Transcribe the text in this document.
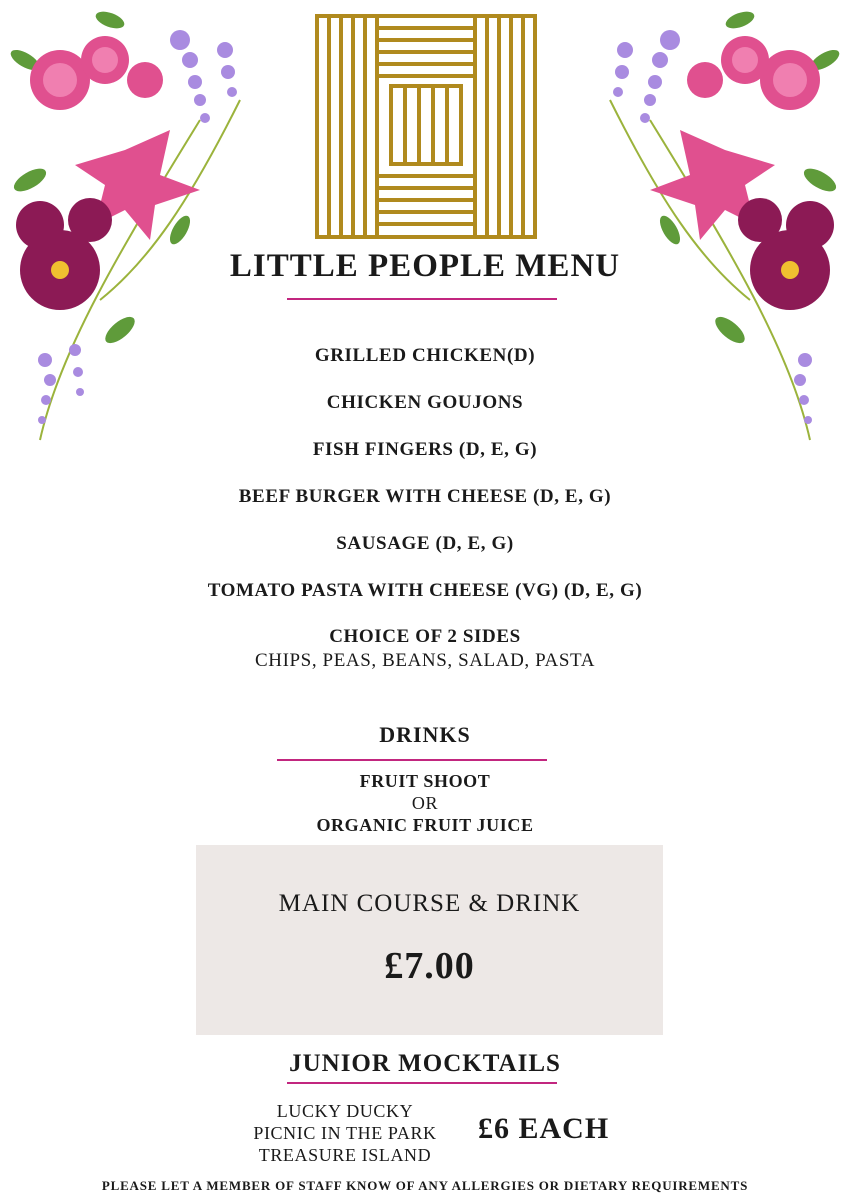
LITTLE PEOPLE MENU
GRILLED CHICKEN(D)
CHICKEN GOUJONS
FISH FINGERS (D, E, G)
BEEF BURGER WITH CHEESE (D, E, G)
SAUSAGE (D, E, G)
TOMATO PASTA WITH CHEESE (VG) (D, E, G)
CHOICE OF 2 SIDES
CHIPS, PEAS, BEANS, SALAD, PASTA
DRINKS
FRUIT SHOOT
OR
ORGANIC FRUIT JUICE
MAIN COURSE & DRINK
£7.00
JUNIOR MOCKTAILS
LUCKY DUCKY
PICNIC IN THE PARK
TREASURE ISLAND
£6 EACH
PLEASE LET A MEMBER OF STAFF KNOW OF ANY ALLERGIES OR DIETARY REQUIREMENTS
